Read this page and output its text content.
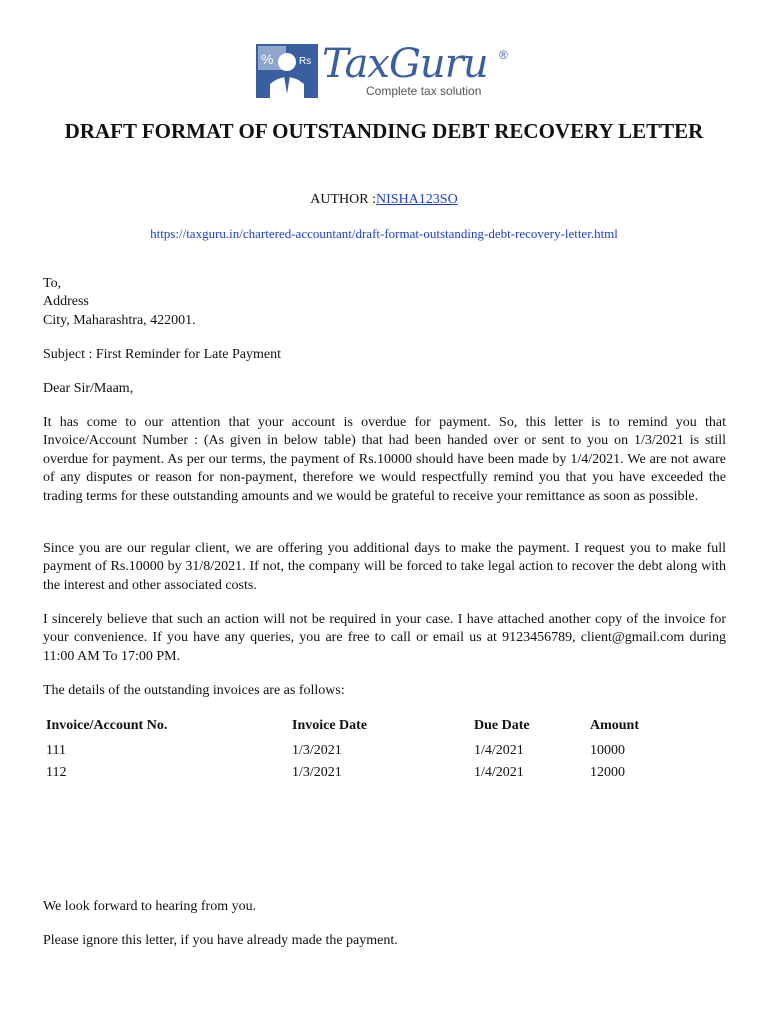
%	Rs TaxGuru ®
Complete tax solution
DRAFT FORMAT OF OUTSTANDING DEBT RECOVERY LETTER
AUTHOR :NISHA123SO
https://taxguru.in/chartered-accountant/draft-format-outstanding-debt-recovery-letter.html

To,

Address

City, Maharashtra, 422001.

Subject : First Reminder for Late Payment
Dear Sir/Maam,
It has come to our attention that your account is overdue for payment. So, this letter is to remind you that Invoice/Account Number : (As given in below table) that had been handed over or sent to you on 1/3/2021 is still overdue for payment. As per our terms, the payment of Rs.10000 should have been made by 1/4/2021. We are not aware of any disputes or reason for non-payment, therefore we would respectfully remind you that you have exceeded the trading terms for these outstanding amounts and we would be grateful to receive your remittance as soon as possible.
Since you are our regular client, we are offering you additional days to make the payment. I request you to make full payment of Rs.10000 by 31/8/2021. If not, the company will be forced to take legal action to recover the debt along with the interest and other associated costs.
I sincerely believe that such an action will not be required in your case. I have attached another copy of the invoice for your convenience. If you have any queries, you are free to call or email us at 9123456789, client@gmail.com during 11:00 AM To 17:00 PM.
The details of the outstanding invoices are as follows:
Invoice/Account No.	Invoice Date	Due Date	Amount
111	1/3/2021	1/4/2021	10000
112	1/3/2021	1/4/2021	12000
We look forward to hearing from you.
Please ignore this letter, if you have already made the payment.
